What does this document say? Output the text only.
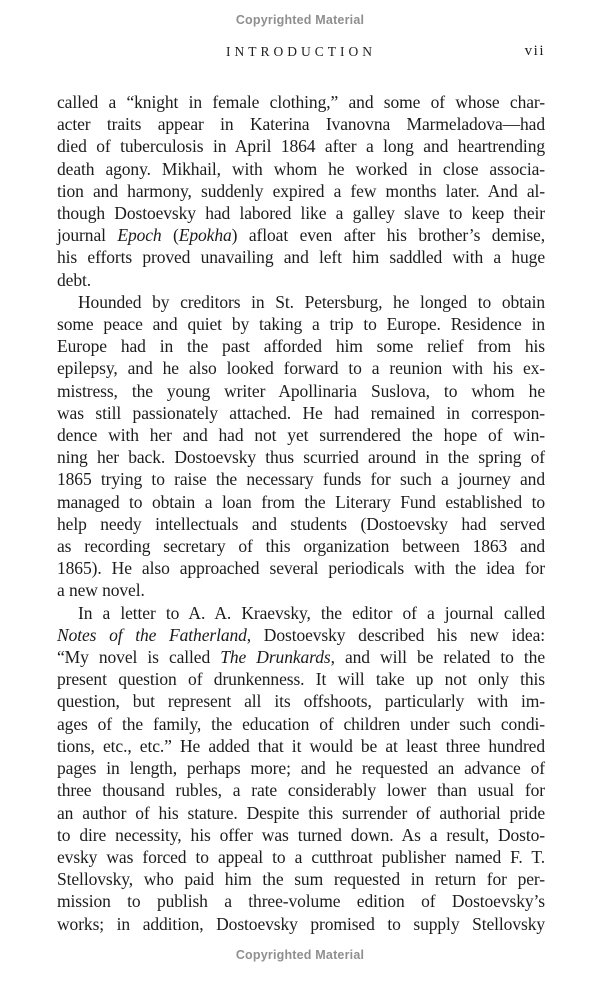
Copyrighted Material
INTRODUCTION	vii
called a “knight in female clothing,” and some of whose char-
acter traits appear in Katerina Ivanovna Marmeladova—had
died of tuberculosis in April 1864 after a long and heartrending
death agony. Mikhail, with whom he worked in close associa-
tion and harmony, suddenly expired a few months later. And al-
though Dostoevsky had labored like a galley slave to keep their
journal Epoch (Epokha) afloat even after his brother’s demise,
his efforts proved unavailing and left him saddled with a huge
debt.
Hounded by creditors in St. Petersburg, he longed to obtain
some peace and quiet by taking a trip to Europe. Residence in
Europe had in the past afforded him some relief from his
epilepsy, and he also looked forward to a reunion with his ex-
mistress, the young writer Apollinaria Suslova, to whom he
was still passionately attached. He had remained in correspon-
dence with her and had not yet surrendered the hope of win-
ning her back. Dostoevsky thus scurried around in the spring of
1865 trying to raise the necessary funds for such a journey and
managed to obtain a loan from the Literary Fund established to
help needy intellectuals and students (Dostoevsky had served
as recording secretary of this organization between 1863 and
1865). He also approached several periodicals with the idea for
a new novel.
In a letter to A. A. Kraevsky, the editor of a journal called
Notes of the Fatherland, Dostoevsky described his new idea:
“My novel is called The Drunkards, and will be related to the
present question of drunkenness. It will take up not only this
question, but represent all its offshoots, particularly with im-
ages of the family, the education of children under such condi-
tions, etc., etc.” He added that it would be at least three hundred
pages in length, perhaps more; and he requested an advance of
three thousand rubles, a rate considerably lower than usual for
an author of his stature. Despite this surrender of authorial pride
to dire necessity, his offer was turned down. As a result, Dosto-
evsky was forced to appeal to a cutthroat publisher named F. T.
Stellovsky, who paid him the sum requested in return for per-
mission to publish a three-volume edition of Dostoevsky’s
works; in addition, Dostoevsky promised to supply Stellovsky
Copyrighted Material
